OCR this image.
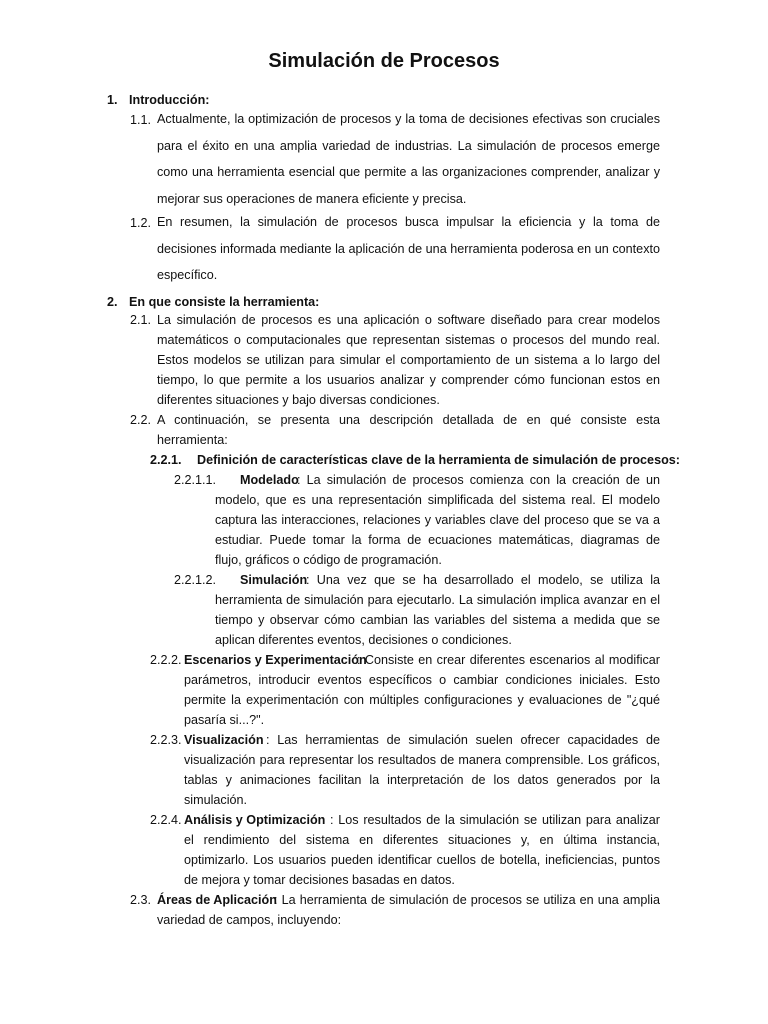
Simulación de Procesos
1. Introducción:
1.1. Actualmente, la optimización de procesos y la toma de decisiones efectivas son cruciales para el éxito en una amplia variedad de industrias. La simulación de procesos emerge como una herramienta esencial que permite a las organizaciones comprender, analizar y mejorar sus operaciones de manera eficiente y precisa.
1.2. En resumen, la simulación de procesos busca impulsar la eficiencia y la toma de decisiones informada mediante la aplicación de una herramienta poderosa en un contexto específico.
2. En que consiste la herramienta:
2.1. La simulación de procesos es una aplicación o software diseñado para crear modelos matemáticos o computacionales que representan sistemas o procesos del mundo real. Estos modelos se utilizan para simular el comportamiento de un sistema a lo largo del tiempo, lo que permite a los usuarios analizar y comprender cómo funcionan estos en diferentes situaciones y bajo diversas condiciones.
2.2. A continuación, se presenta una descripción detallada de en qué consiste esta herramienta:
2.2.1. Definición de características clave de la herramienta de simulación de procesos:
2.2.1.1. Modelado
: La simulación de procesos comienza con la creación de un modelo, que es una representación simplificada del sistema real. El modelo captura las interacciones, relaciones y variables clave del proceso que se va a estudiar. Puede tomar la forma de ecuaciones matemáticas, diagramas de flujo, gráficos o código de programación.
2.2.1.2. Simulación
: Una vez que se ha desarrollado el modelo, se utiliza la herramienta de simulación para ejecutarlo. La simulación implica avanzar en el tiempo y observar cómo cambian las variables del sistema a medida que se aplican diferentes eventos, decisiones o condiciones.
2.2.2. Escenarios y Experimentación
: Consiste en crear diferentes escenarios al modificar parámetros, introducir eventos específicos o cambiar condiciones iniciales. Esto permite la experimentación con múltiples configuraciones y evaluaciones de "¿qué pasaría si...?".
2.2.3. Visualización : Las herramientas de simulación suelen ofrecer capacidades de visualización para representar los resultados de manera comprensible. Los gráficos, tablas y animaciones facilitan la interpretación de los datos generados por la simulación.
2.2.4. Análisis y Optimización : Los resultados de la simulación se utilizan para analizar el rendimiento del sistema en diferentes situaciones y, en última instancia, optimizarlo. Los usuarios pueden identificar cuellos de botella, ineficiencias, puntos de mejora y tomar decisiones basadas en datos.
2.3. Áreas de Aplicación
: La herramienta de simulación de procesos se utiliza en una amplia variedad de campos, incluyendo:
